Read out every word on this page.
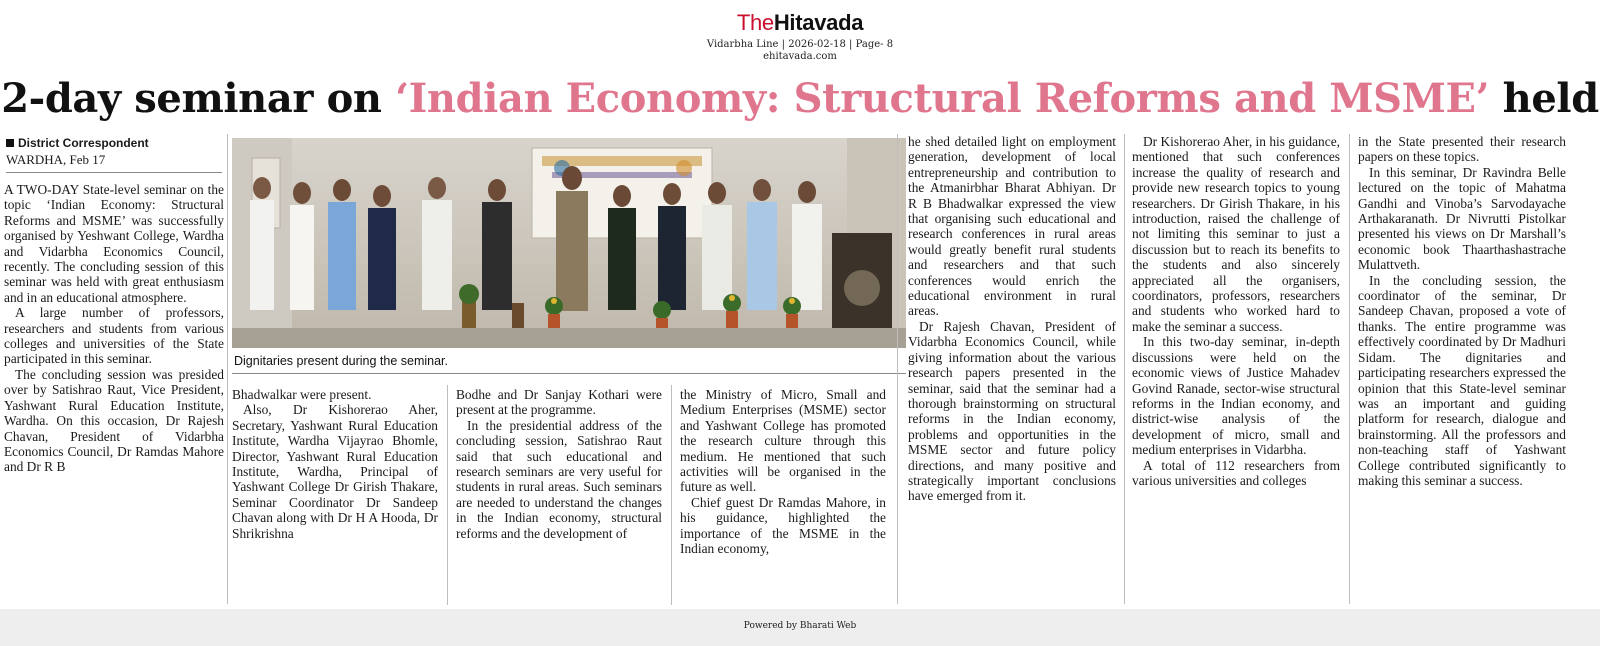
TheHitavada
Vidarbha Line | 2026-02-18 | Page- 8
ehitavada.com
2-day seminar on ‘Indian Economy: Structural Reforms and MSME’ held
District Correspondent
WARDHA, Feb 17

A TWO-DAY State-level seminar on the topic ‘Indian Economy: Structural Reforms and MSME’ was successfully organised by Yeshwant College, Wardha and Vidarbha Economics Council, recently. The concluding session of this seminar was held with great enthusiasm and in an educational atmosphere.

A large number of professors, researchers and students from various colleges and universities of the State participated in this seminar.

The concluding session was presided over by Satishrao Raut, Vice President, Yashwant Rural Education Institute, Wardha. On this occasion, Dr Rajesh Chavan, President of Vidarbha Economics Council, Dr Ramdas Mahore and Dr R B

Dignitaries present during the seminar.

Bhadwalkar were present.

Also, Dr Kishorerao Aher, Secretary, Yashwant Rural Education Institute, Wardha Vijayrao Bhomle, Director, Yashwant Rural Education Institute, Wardha, Principal of Yashwant College Dr Girish Thakare, Seminar Coordinator Dr Sandeep Chavan along with Dr H A Hooda, Dr Shrikrishna

Bodhe and Dr Sanjay Kothari were present at the programme.

In the presidential address of the concluding session, Satishrao Raut said that such educational and research seminars are very useful for students in rural areas. Such seminars are needed to understand the changes in the Indian economy, structural reforms and the development of

the Ministry of Micro, Small and Medium Enterprises (MSME) sector and Yashwant College has promoted the research culture through this medium. He mentioned that such activities will be organised in the future as well.

Chief guest Dr Ramdas Mahore, in his guidance, highlighted the importance of the MSME in the Indian economy,

he shed detailed light on employment generation, development of local entrepreneurship and contribution to the Atmanirbhar Bharat Abhiyan. Dr R B Bhadwalkar expressed the view that organising such educational and research conferences in rural areas would greatly benefit rural students and researchers and that such conferences would enrich the educational environment in rural areas.

Dr Rajesh Chavan, President of Vidarbha Economics Council, while giving information about the various research papers presented in the seminar, said that the seminar had a thorough brainstorming on structural reforms in the Indian economy, problems and opportunities in the MSME sector and future policy directions, and many positive and strategically important conclusions have emerged from it.

Dr Kishorerao Aher, in his guidance, mentioned that such conferences increase the quality of research and provide new research topics to young researchers. Dr Girish Thakare, in his introduction, raised the challenge of not limiting this seminar to just a discussion but to reach its benefits to the students and also sincerely appreciated all the organisers, coordinators, professors, researchers and students who worked hard to make the seminar a success.

In this two-day seminar, in-depth discussions were held on the economic views of Justice Mahadev Govind Ranade, sector-wise structural reforms in the Indian economy, and district-wise analysis of the development of micro, small and medium enterprises in Vidarbha.

A total of 112 researchers from various universities and colleges

in the State presented their research papers on these topics.

In this seminar, Dr Ravindra Belle lectured on the topic of Mahatma Gandhi and Vinoba’s Sarvodayache Arthakaranath. Dr Nivrutti Pistolkar presented his views on Dr Marshall’s economic book Thaarthashastrache Mulattveth.

In the concluding session, the coordinator of the seminar, Dr Sandeep Chavan, proposed a vote of thanks. The entire programme was effectively coordinated by Dr Madhuri Sidam. The dignitaries and participating researchers expressed the opinion that this State-level seminar was an important and guiding platform for research, dialogue and brainstorming. All the professors and non-teaching staff of Yashwant College contributed significantly to making this seminar a success.

Powered by Bharati Web
